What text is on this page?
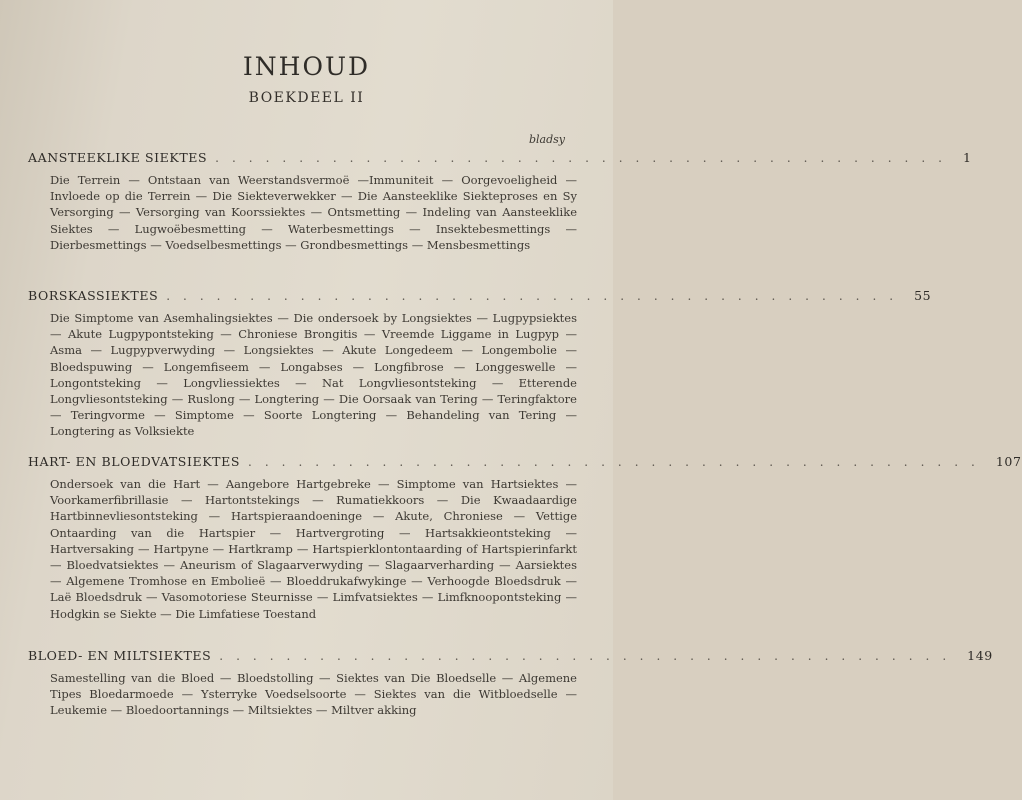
INHOUD
BOEKDEEL II
bladsy
AANSTEEKLIKE SIEKTES ............................................ 1
Die Terrein — Ontstaan van Weerstandsvermoë —Immuniteit — Oorgevoeligheid — Invloede op die Terrein — Die Siekteverwekker — Die Aansteeklike Siekteproses en Sy Versorging — Versorging van Koorssiektes — Ontsmetting — Indeling van Aansteeklike Siektes — Lugwoëbesmetting — Waterbesmettings — Insektebesmettings — Dierbesmettings — Voedselbesmettings — Grondbesmettings — Mensbesmettings
BORSKASSIEKTES ............................................ 55
Die Simptome van Asemhalingsiektes — Die ondersoek by Longsiektes — Lugpypsiektes — Akute Lugpypontsteking — Chroniese Brongitis — Vreemde Liggame in Lugpyp — Asma — Lugpypverwyding — Longsiektes — Akute Longedeem — Longembolie — Bloedspuwing — Longemfiseem — Longabses — Longfibrose — Longgeswelle — Longontsteking — Longvliessiektes — Nat Longvliesontsteking — Etterende Longvliesontsteking — Ruslong — Longtering — Die Oorsaak van Tering — Teringfaktore — Teringvorme — Simptome — Soorte Longtering — Behandeling van Tering — Longtering as Volksiekte
HART- EN BLOEDVATSIEKTES ............................................ 107
Ondersoek van die Hart — Aangebore Hartgebreke — Simptome van Hartsiektes — Voorkamerfibrillasie — Hartontstekings — Rumatiekkoors — Die Kwaadaardige Hartbinnevliesontsteking — Hartspieraandoeninge — Akute, Chroniese — Vettige Ontaarding van die Hartspier — Hartvergroting — Hartsakkieontsteking — Hartversaking — Hartpyne — Hartkramp — Hartspierklontontaarding of Hartspierinfarkt — Bloedvatsiektes — Aneurism of Slagaarverwyding — Slagaarverharding — Aarsiektes — Algemene Tromhose en Embolieë — Bloeddrukafwykinge — Verhoogde Bloedsdruk — Laë Bloedsdruk — Vasomotoriese Steurnisse — Limfvatsiektes — Limfknoopontsteking — Hodgkin se Siekte — Die Limfatiese Toestand
BLOED- EN MILTSIEKTES ............................................ 149
Samestelling van die Bloed — Bloedstolling — Siektes van Die Bloedselle — Algemene Tipes Bloedarmoede — Ysterryke Voedselsoorte — Siektes van die Witbloedselle — Leukemie — Bloedoortannings — Miltsiektes — Miltver akking
